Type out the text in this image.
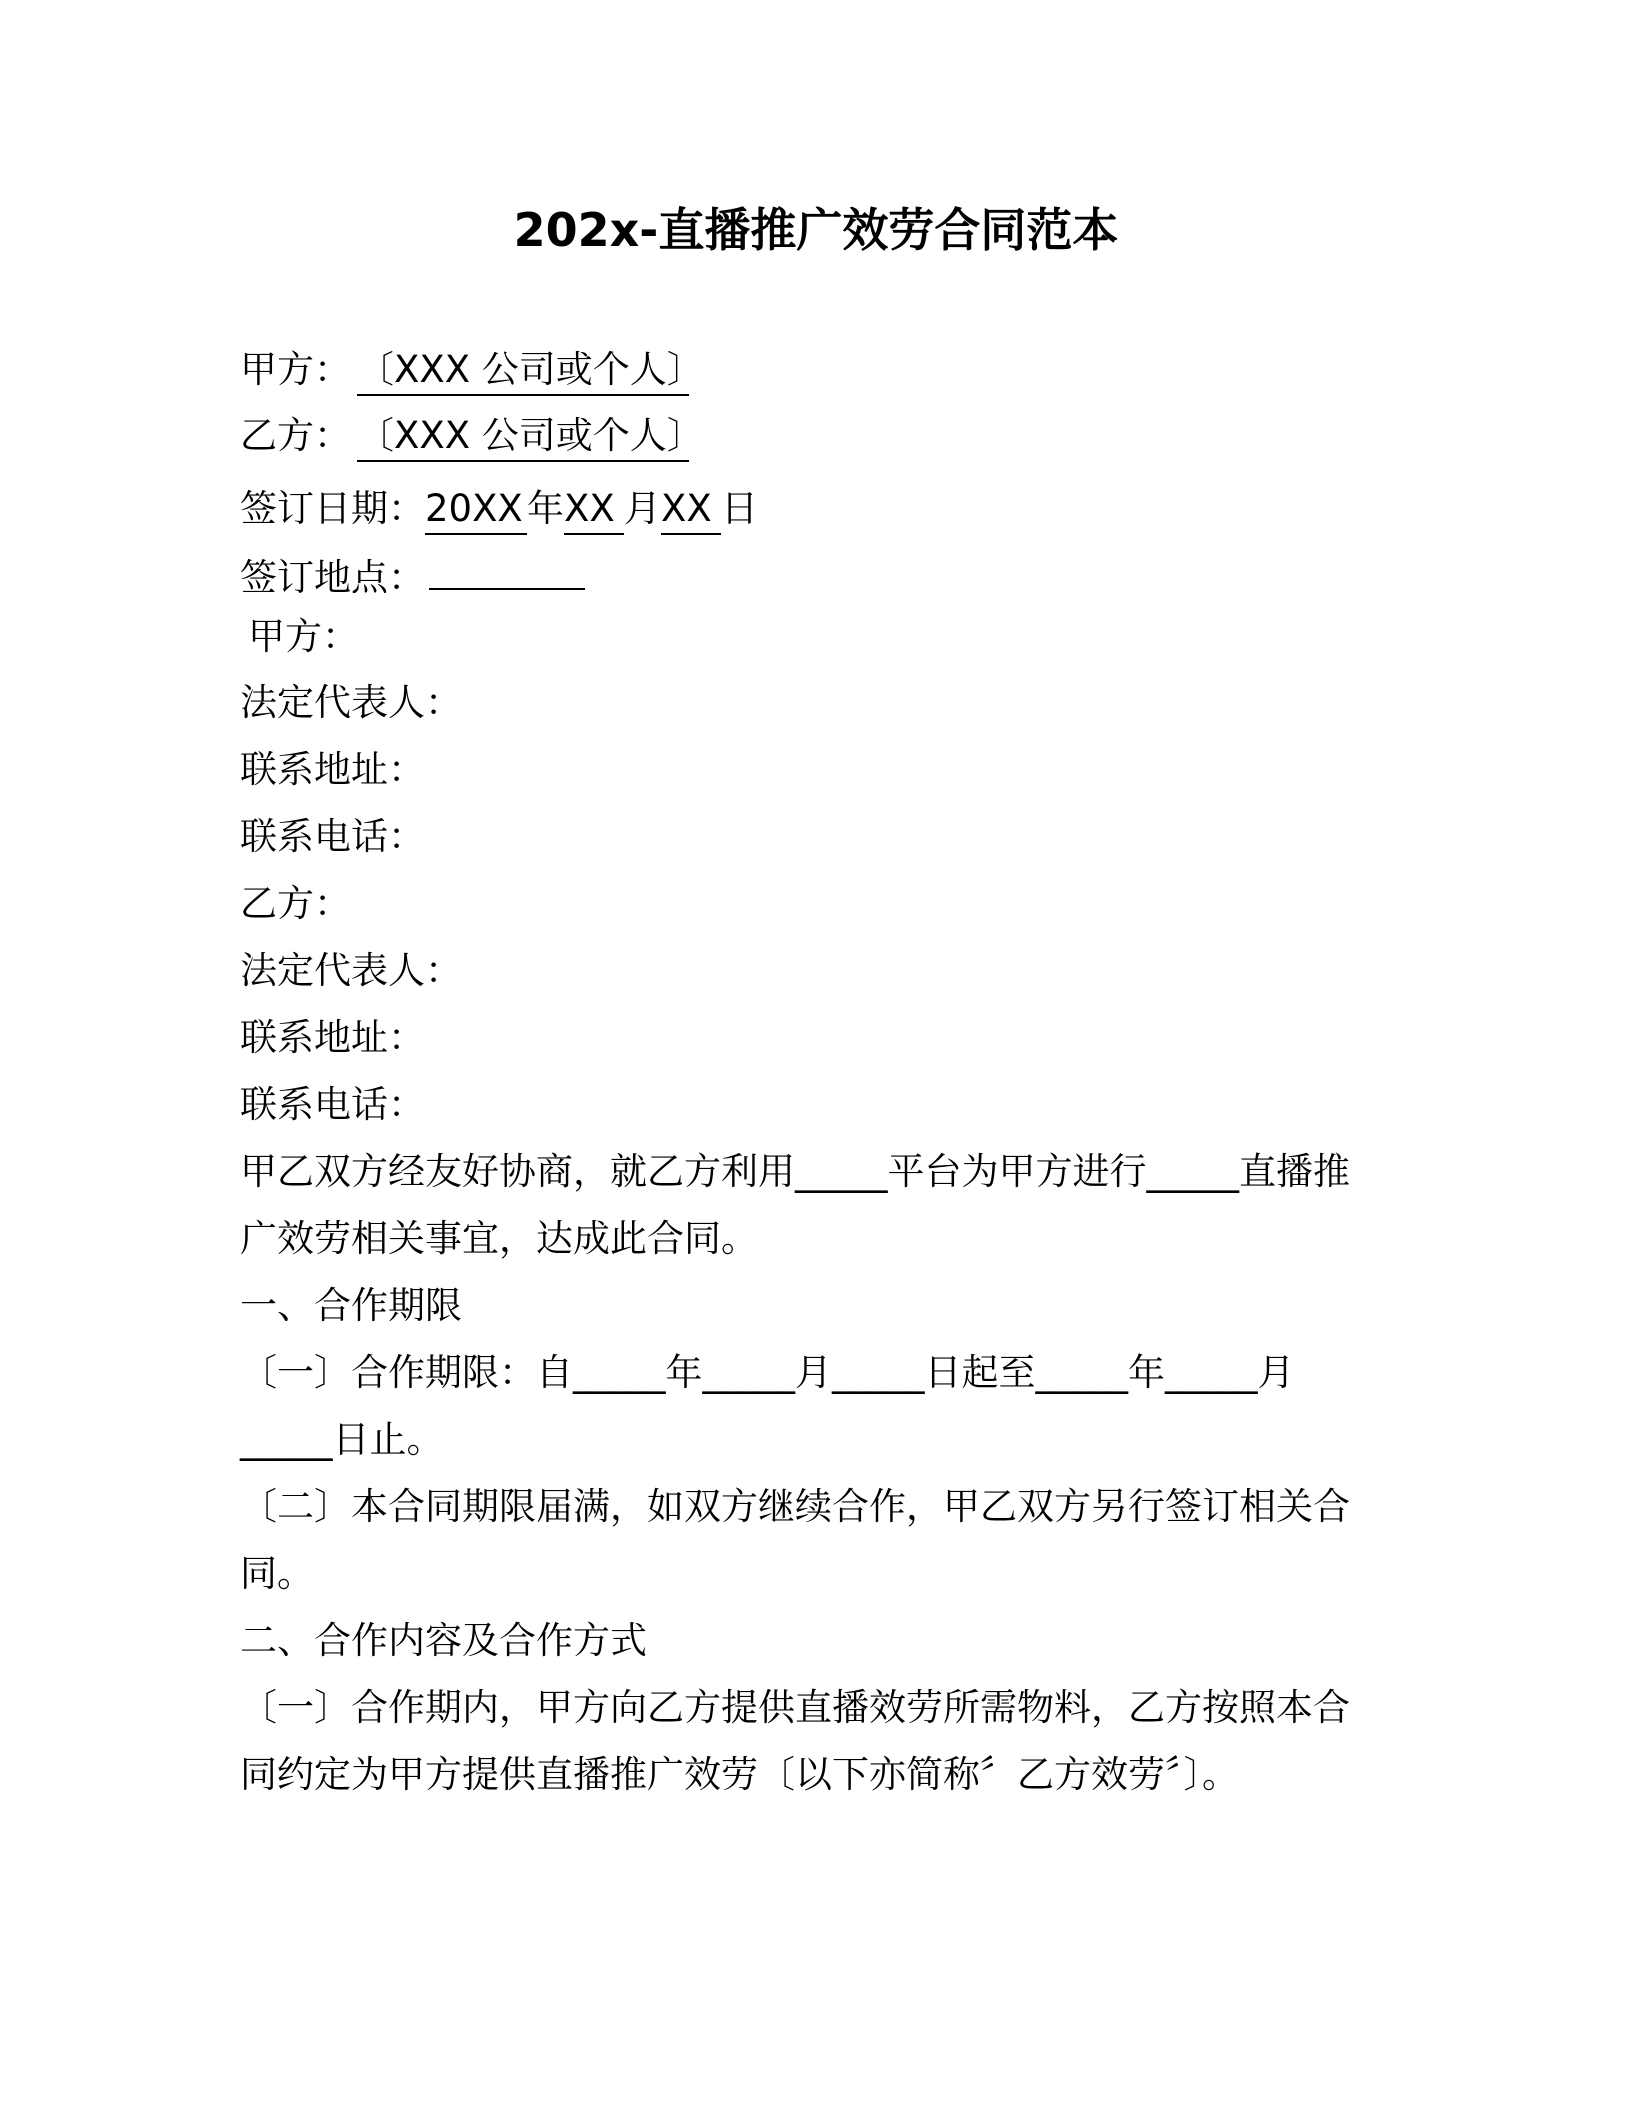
202x-直播推广效劳合同范本
甲方： 〔XXX 公司或个人〕
乙方： 〔XXX 公司或个人〕
签订日期：20XX 年XX 月XX 日
签订地点：
甲方：
法定代表人：
联系地址：
联系电话：
乙方：
法定代表人：
联系地址：
联系电话：
甲乙双方经友好协商，就乙方利用_____平台为甲方进行_____直播推
广效劳相关事宜，达成此合同。
一、合作期限
〔一〕合作期限：自_____年_____月_____日起至_____年_____月
_____日止。
〔二〕本合同期限届满，如双方继续合作，甲乙双方另行签订相关合
同。
二、合作内容及合作方式
〔一〕合作期内，甲方向乙方提供直播效劳所需物料，乙方按照本合
同约定为甲方提供直播推广效劳〔以下亦简称〞乙方效劳〞〕。
